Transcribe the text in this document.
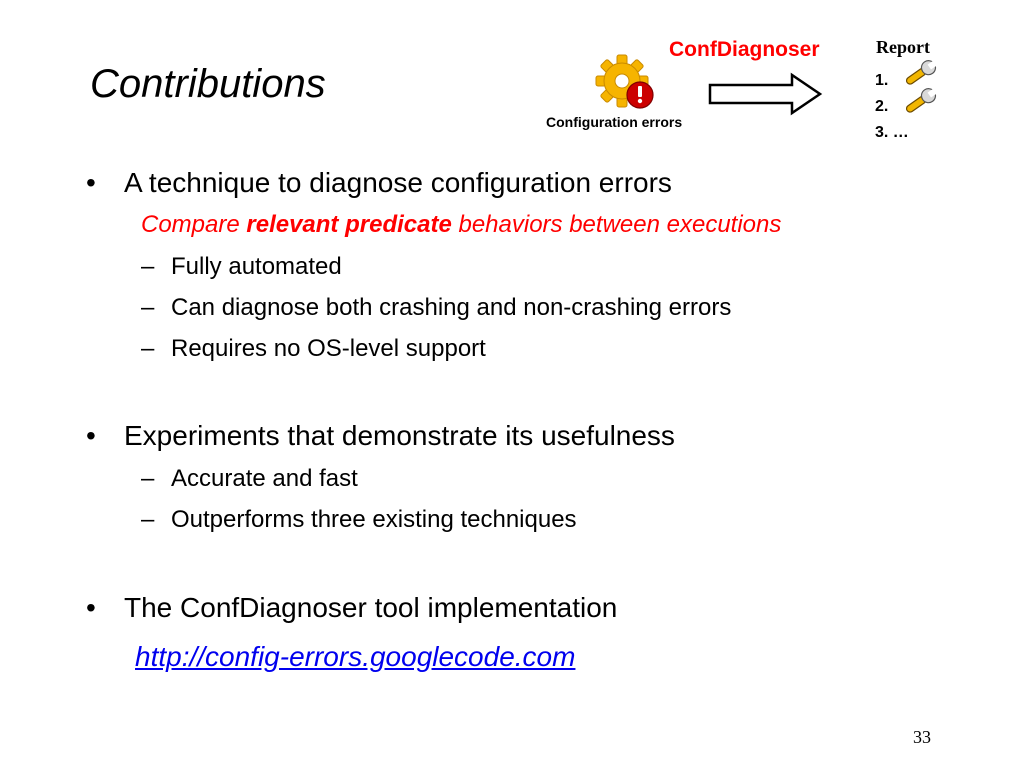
Contributions
Configuration errors
ConfDiagnoser	Report
1.
2.
3. …
• A technique to diagnose configuration errors
Compare relevant predicate behaviors between executions
– Fully automated
– Can diagnose both crashing and non-crashing errors
– Requires no OS-level support
• Experiments that demonstrate its usefulness
– Accurate and fast
– Outperforms three existing techniques
• The ConfDiagnoser tool implementation
http://config-errors.googlecode.com
33
